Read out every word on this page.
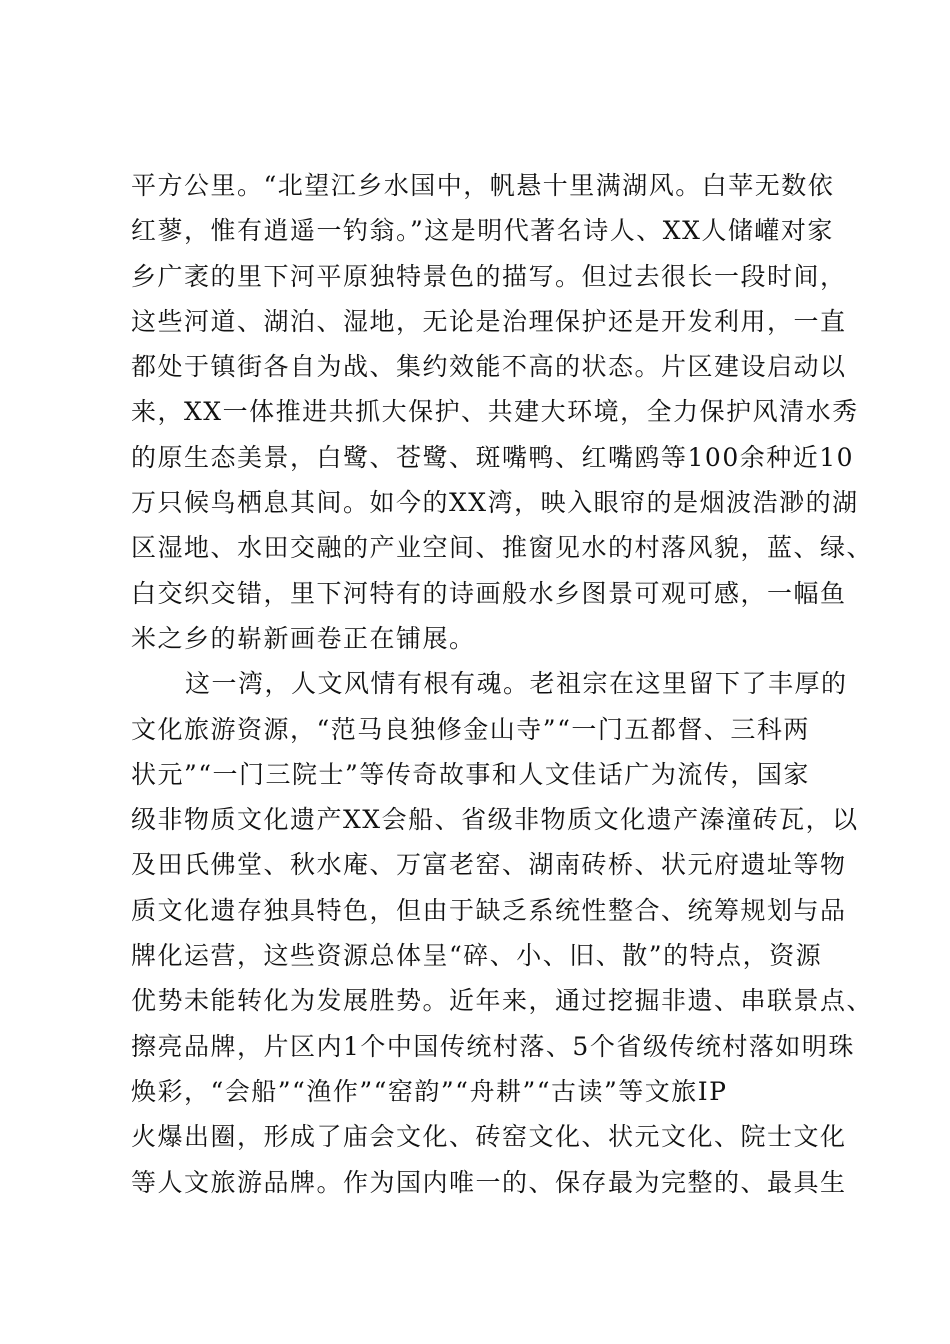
平方公里。“北望江乡水国中，帆悬十里满湖风。白苹无数依
红蓼，惟有逍遥一钓翁。”这是明代著名诗人、XX人储巏对家
乡广袤的里下河平原独特景色的描写。但过去很长一段时间，
这些河道、湖泊、湿地，无论是治理保护还是开发利用，一直
都处于镇街各自为战、集约效能不高的状态。片区建设启动以
来，XX一体推进共抓大保护、共建大环境，全力保护风清水秀
的原生态美景，白鹭、苍鹭、斑嘴鸭、红嘴鸥等100余种近10
万只候鸟栖息其间。如今的XX湾，映入眼帘的是烟波浩渺的湖
区湿地、水田交融的产业空间、推窗见水的村落风貌，蓝、绿、
白交织交错，里下河特有的诗画般水乡图景可观可感，一幅鱼
米之乡的崭新画卷正在铺展。
这一湾，人文风情有根有魂。老祖宗在这里留下了丰厚的
文化旅游资源，“范马良独修金山寺”“一门五都督、三科两
状元”“一门三院士”等传奇故事和人文佳话广为流传，国家
级非物质文化遗产XX会船、省级非物质文化遗产溱潼砖瓦，以
及田氏佛堂、秋水庵、万富老窑、湖南砖桥、状元府遗址等物
质文化遗存独具特色，但由于缺乏系统性整合、统筹规划与品
牌化运营，这些资源总体呈“碎、小、旧、散”的特点，资源
优势未能转化为发展胜势。近年来，通过挖掘非遗、串联景点、
擦亮品牌，片区内1个中国传统村落、5个省级传统村落如明珠
焕彩，“会船”“渔作”“窑韵”“舟耕”“古读”等文旅IP
火爆出圈，形成了庙会文化、砖窑文化、状元文化、院士文化
等人文旅游品牌。作为国内唯一的、保存最为完整的、最具生
